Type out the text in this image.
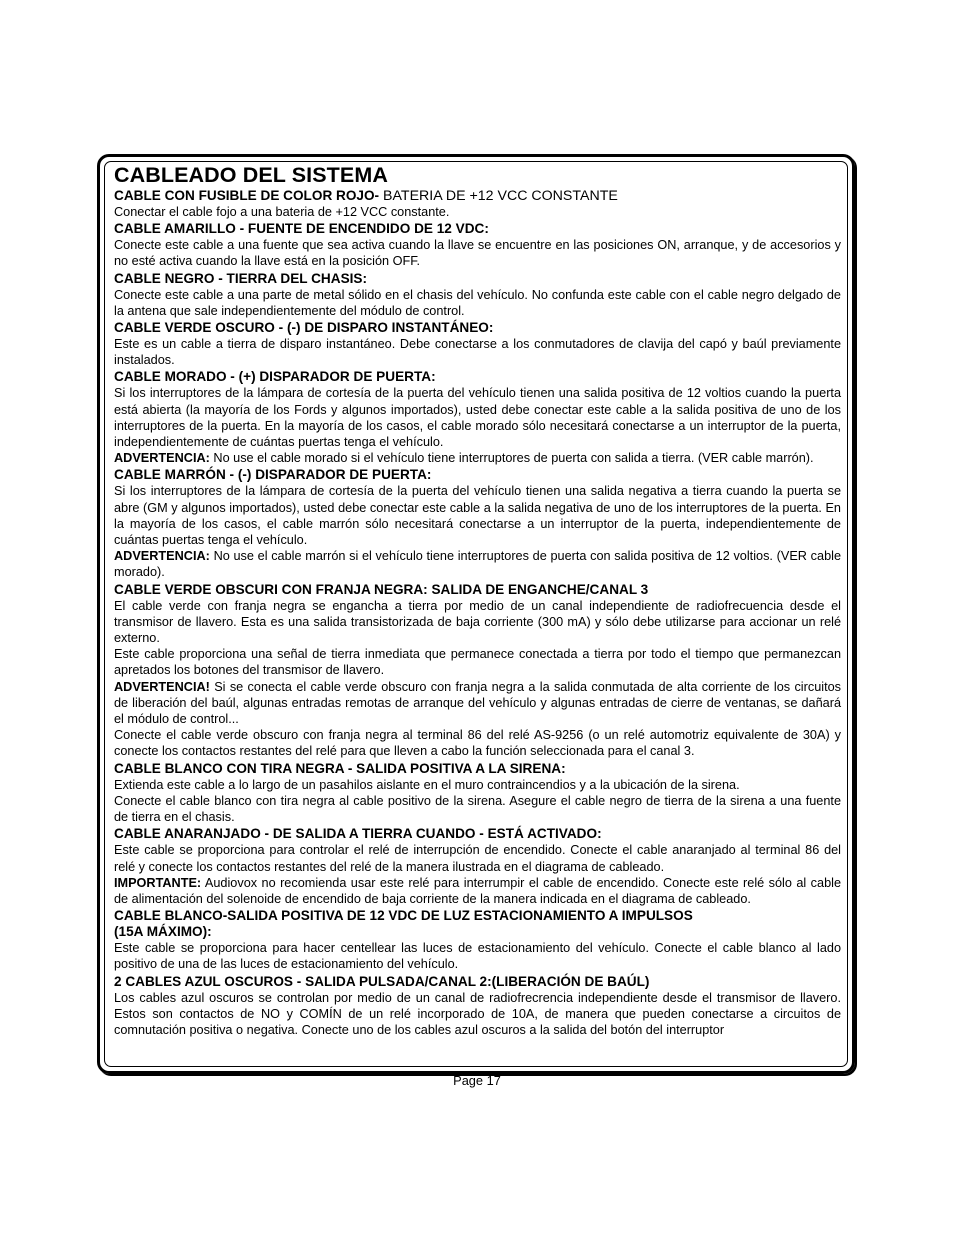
CABLEADO DEL SISTEMA
CABLE CON FUSIBLE DE COLOR ROJO- BATERIA DE +12 VCC CONSTANTE

Conectar el cable fojo a una bateria de +12 VCC constante.

CABLE AMARILLO - FUENTE DE ENCENDIDO DE 12 VDC:

Conecte este cable a una fuente que sea activa cuando la llave se encuentre en las posiciones ON, arranque, y de accesorios y no esté activa cuando la llave está en la posición OFF.

CABLE NEGRO - TIERRA DEL CHASIS:

Conecte este cable a una parte de metal sólido en el chasis del vehículo. No confunda este cable con el cable negro delgado de la antena que sale independientemente del módulo de control.

CABLE VERDE OSCURO - (-) DE DISPARO INSTANTÁNEO:

Este es un cable a tierra de disparo instantáneo. Debe conectarse a los conmutadores de clavija del capó y baúl previamente instalados.

CABLE MORADO - (+) DISPARADOR DE PUERTA:

Si los interruptores de la lámpara de cortesía de la puerta del vehículo tienen una salida positiva de 12 voltios cuando la puerta está abierta (la mayoría de los Fords y algunos importados), usted debe conectar este cable a la salida positiva de uno de los interruptores de la puerta. En la mayoría de los casos, el cable morado sólo necesitará conectarse a un interruptor de la puerta, independientemente de cuántas puertas tenga el vehículo.

ADVERTENCIA: No use el cable morado si el vehículo tiene interruptores de puerta con salida a tierra. (VER cable marrón).

CABLE MARRÓN - (-) DISPARADOR DE PUERTA:

Si los interruptores de la lámpara de cortesía de la puerta del vehículo tienen una salida negativa a tierra cuando la puerta se abre (GM y algunos importados), usted debe conectar este cable a la salida negativa de uno de los interruptores de la puerta. En la mayoría de los casos, el cable marrón sólo necesitará conectarse a un interruptor de la puerta, independientemente de cuántas puertas tenga el vehículo.

ADVERTENCIA: No use el cable marrón si el vehículo tiene interruptores de puerta con salida positiva de 12 voltios. (VER cable morado).

CABLE VERDE OBSCURI CON FRANJA NEGRA: SALIDA DE ENGANCHE/CANAL 3

El cable verde con franja negra se engancha a tierra por medio de un canal independiente de radiofrecuencia desde el transmisor de llavero. Esta es una salida transistorizada de baja corriente (300 mA) y sólo debe utilizarse para accionar un relé externo.

Este cable proporciona una señal de tierra inmediata que permanece conectada a tierra por todo el tiempo que permanezcan apretados los botones del transmisor de llavero.

ADVERTENCIA! Si se conecta el cable verde obscuro con franja negra a la salida conmutada de alta corriente de los circuitos de liberación del baúl, algunas entradas remotas de arranque del vehículo y algunas entradas de cierre de ventanas, se dañará el módulo de control...

Conecte el cable verde obscuro con franja negra al terminal 86 del relé AS-9256 (o un relé automotriz equivalente de 30A) y conecte los contactos restantes del relé para que lleven a cabo la función seleccionada para el canal 3.

CABLE BLANCO CON TIRA NEGRA - SALIDA POSITIVA A LA SIRENA:

Extienda este cable a lo largo de un pasahilos aislante en el muro contraincendios y a la ubicación de la sirena.

Conecte el cable blanco con tira negra al cable positivo de la sirena. Asegure el cable negro de tierra de la sirena a una fuente de tierra en el chasis.

CABLE ANARANJADO - DE SALIDA A TIERRA CUANDO - ESTÁ ACTIVADO:

Este cable se proporciona para controlar el relé de interrupción de encendido. Conecte el cable anaranjado al terminal 86 del relé y conecte los contactos restantes del relé de la manera ilustrada en el diagrama de cableado.

IMPORTANTE: Audiovox no recomienda usar este relé para interrumpir el cable de encendido. Conecte este relé sólo al cable de alimentación del solenoide de encendido de baja corriente de la manera indicada en el diagrama de cableado.

CABLE BLANCO-SALIDA POSITIVA DE 12 VDC DE LUZ ESTACIONAMIENTO A IMPULSOS
(15A MÁXIMO):

Este cable se proporciona para hacer centellear las luces de estacionamiento del vehículo. Conecte el cable blanco al lado positivo de una de las luces de estacionamiento del vehículo.

2 CABLES AZUL OSCUROS - SALIDA PULSADA/CANAL 2:(LIBERACIÓN DE BAÚL)

Los cables azul oscuros se controlan por medio de un canal de radiofrecrencia independiente desde el transmisor de llavero. Estos son contactos de NO y COMÍN de un relé incorporado de 10A, de manera que pueden conectarse a circuitos de comnutación positiva o negativa. Conecte uno de los cables azul oscuros a la salida del botón del interruptor

Page 17
